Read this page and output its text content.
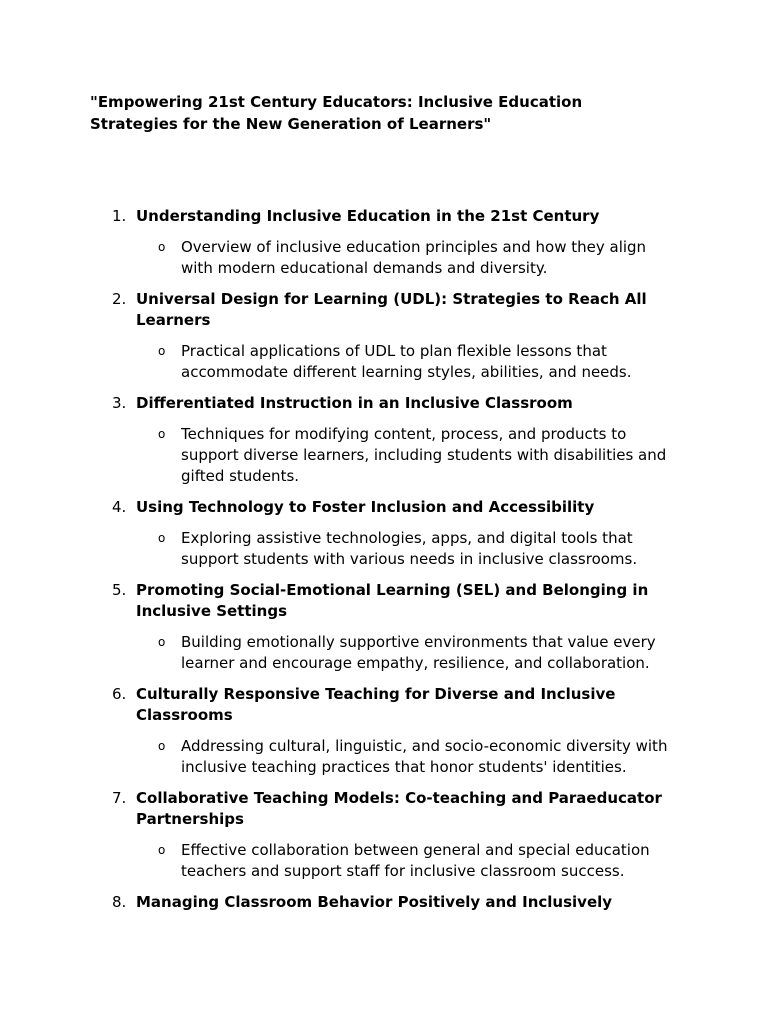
"Empowering 21st Century Educators: Inclusive Education Strategies for the New Generation of Learners"
1. Understanding Inclusive Education in the 21st Century
o Overview of inclusive education principles and how they align with modern educational demands and diversity.
2. Universal Design for Learning (UDL): Strategies to Reach All Learners
o Practical applications of UDL to plan flexible lessons that accommodate different learning styles, abilities, and needs.
3. Differentiated Instruction in an Inclusive Classroom
o Techniques for modifying content, process, and products to support diverse learners, including students with disabilities and gifted students.
4. Using Technology to Foster Inclusion and Accessibility
o Exploring assistive technologies, apps, and digital tools that support students with various needs in inclusive classrooms.
5. Promoting Social-Emotional Learning (SEL) and Belonging in Inclusive Settings
o Building emotionally supportive environments that value every learner and encourage empathy, resilience, and collaboration.
6. Culturally Responsive Teaching for Diverse and Inclusive Classrooms
o Addressing cultural, linguistic, and socio-economic diversity with inclusive teaching practices that honor students' identities.
7. Collaborative Teaching Models: Co-teaching and Paraeducator Partnerships
o Effective collaboration between general and special education teachers and support staff for inclusive classroom success.
8. Managing Classroom Behavior Positively and Inclusively
